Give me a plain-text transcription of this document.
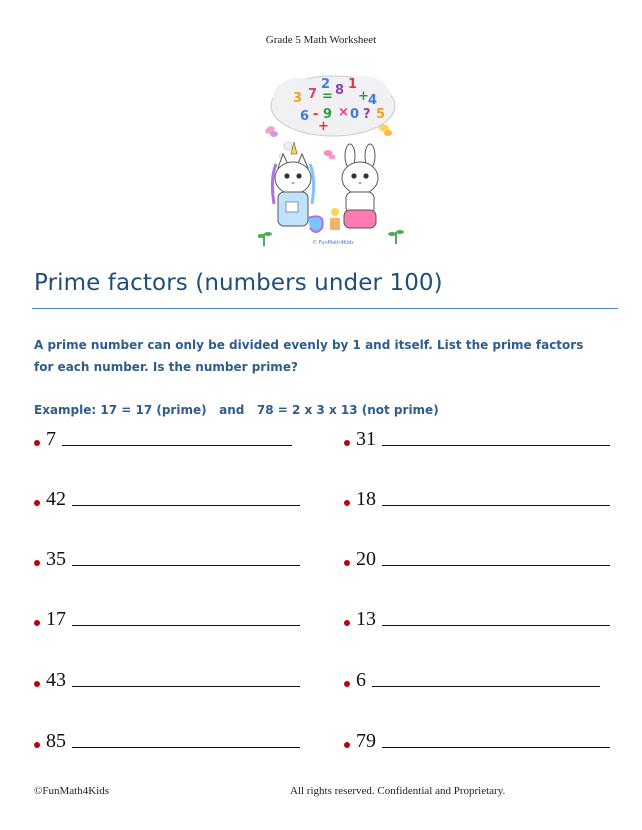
Grade 5 Math Worksheet
3 7
2
= 8 1
+ 4
6 - 9 × 0 ? 5
+
© FunMath4Kids
Prime factors (numbers under 100)
A prime number can only be divided evenly by 1 and itself. List the prime factors for each number. Is the number prime?
Example: 17 = 17 (prime)   and   78 = 2 x 3 x 13 (not prime)
7
42
35
17
43
85
31
18
20
13
6
79
©FunMath4Kids	All rights reserved. Confidential and Proprietary.
